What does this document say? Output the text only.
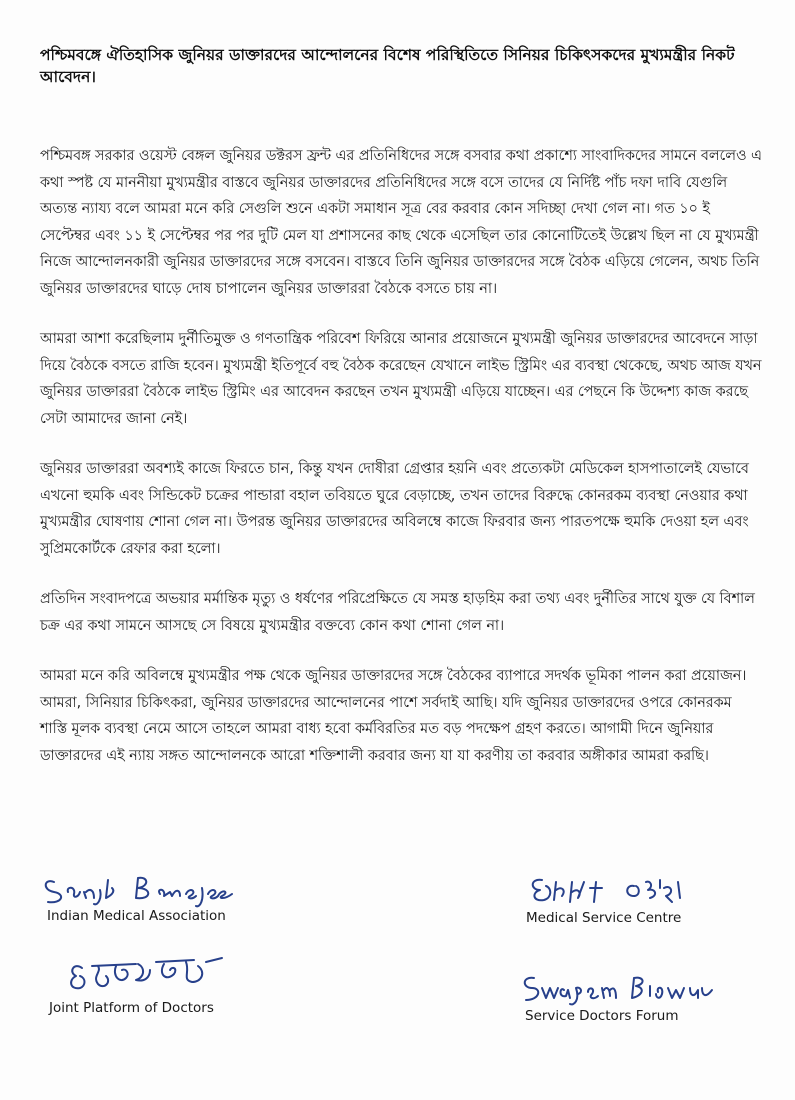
পশ্চিমবঙ্গে ঐতিহাসিক জুনিয়র ডাক্তারদের আন্দোলনের বিশেষ পরিস্থিতিতে সিনিয়র চিকিৎসকদের মুখ্যমন্ত্রীর নিকট আবেদন।

পশ্চিমবঙ্গ সরকার ওয়েস্ট বেঙ্গল জুনিয়র ডক্টরস ফ্রন্ট এর প্রতিনিধিদের সঙ্গে বসবার কথা প্রকাশ্যে সাংবাদিকদের সামনে বললেও এ কথা স্পষ্ট যে মাননীয়া মুখ্যমন্ত্রীর বাস্তবে জুনিয়র ডাক্তারদের প্রতিনিধিদের সঙ্গে বসে তাদের যে নির্দিষ্ট পাঁচ দফা দাবি যেগুলি অত্যন্ত ন্যায্য বলে আমরা মনে করি সেগুলি শুনে একটা সমাধান সূত্র বের করবার কোন সদিচ্ছা দেখা গেল না। গত ১০ ই সেপ্টেম্বর এবং ১১ ই সেপ্টেম্বর পর পর দুটি মেল যা প্রশাসনের কাছ থেকে এসেছিল তার কোনোটিতেই উল্লেখ ছিল না যে মুখ্যমন্ত্রী নিজে আন্দোলনকারী জুনিয়র ডাক্তারদের সঙ্গে বসবেন। বাস্তবে তিনি জুনিয়র ডাক্তারদের সঙ্গে বৈঠক এড়িয়ে গেলেন, অথচ তিনি জুনিয়র ডাক্তারদের ঘাড়ে দোষ চাপালেন জুনিয়র ডাক্তাররা বৈঠকে বসতে চায় না।

আমরা আশা করেছিলাম দুর্নীতিমুক্ত ও গণতান্ত্রিক পরিবেশ ফিরিয়ে আনার প্রয়োজনে মুখ্যমন্ত্রী জুনিয়র ডাক্তারদের আবেদনে সাড়া দিয়ে বৈঠকে বসতে রাজি হবেন। মুখ্যমন্ত্রী ইতিপূর্বে বহু বৈঠক করেছেন যেখানে লাইভ স্ট্রিমিং এর ব্যবস্থা থেকেছে, অথচ আজ যখন জুনিয়র ডাক্তাররা বৈঠকে লাইভ স্ট্রিমিং এর আবেদন করছেন তখন মুখ্যমন্ত্রী এড়িয়ে যাচ্ছেন। এর পেছনে কি উদ্দেশ্য কাজ করছে সেটা আমাদের জানা নেই।

জুনিয়র ডাক্তাররা অবশ্যই কাজে ফিরতে চান, কিন্তু যখন দোষীরা গ্রেপ্তার হয়নি এবং প্রত্যেকটা মেডিকেল হাসপাতালেই যেভাবে এখনো হুমকি এবং সিন্ডিকেট চক্রের পান্ডারা বহাল তবিয়তে ঘুরে বেড়াচ্ছে, তখন তাদের বিরুদ্ধে কোনরকম ব্যবস্থা নেওয়ার কথা মুখ্যমন্ত্রীর ঘোষণায় শোনা গেল না। উপরন্ত জুনিয়র ডাক্তারদের অবিলম্বে কাজে ফিরবার জন্য পারতপক্ষে হুমকি দেওয়া হল এবং সুপ্রিমকোর্টকে রেফার করা হলো।

প্রতিদিন সংবাদপত্রে অভয়ার মর্মান্তিক মৃত্যু ও ধর্ষণের পরিপ্রেক্ষিতে যে সমস্ত হাড়হিম করা তথ্য এবং দুর্নীতির সাথে যুক্ত যে বিশাল চক্র এর কথা সামনে আসছে সে বিষয়ে মুখ্যমন্ত্রীর বক্তব্যে কোন কথা শোনা গেল না।

আমরা মনে করি অবিলম্বে মুখ্যমন্ত্রীর পক্ষ থেকে জুনিয়র ডাক্তারদের সঙ্গে বৈঠকের ব্যাপারে সদর্থক ভূমিকা পালন করা প্রয়োজন। আমরা, সিনিয়ার চিকিৎকরা, জুনিয়র ডাক্তারদের আন্দোলনের পাশে সর্বদাই আছি। যদি জুনিয়র ডাক্তারদের ওপরে কোনরকম শাস্তি মূলক ব্যবস্থা নেমে আসে তাহলে আমরা বাধ্য হবো কর্মবিরতির মত বড় পদক্ষেপ গ্রহণ করতে। আগামী দিনে জুনিয়ার ডাক্তারদের এই ন্যায় সঙ্গত আন্দোলনকে আরো শক্তিশালী করবার জন্য যা যা করণীয় তা করবার অঙ্গীকার আমরা করছি।

Indian Medical Association	Medical Service Centre
Joint Platform of Doctors	Service Doctors Forum
